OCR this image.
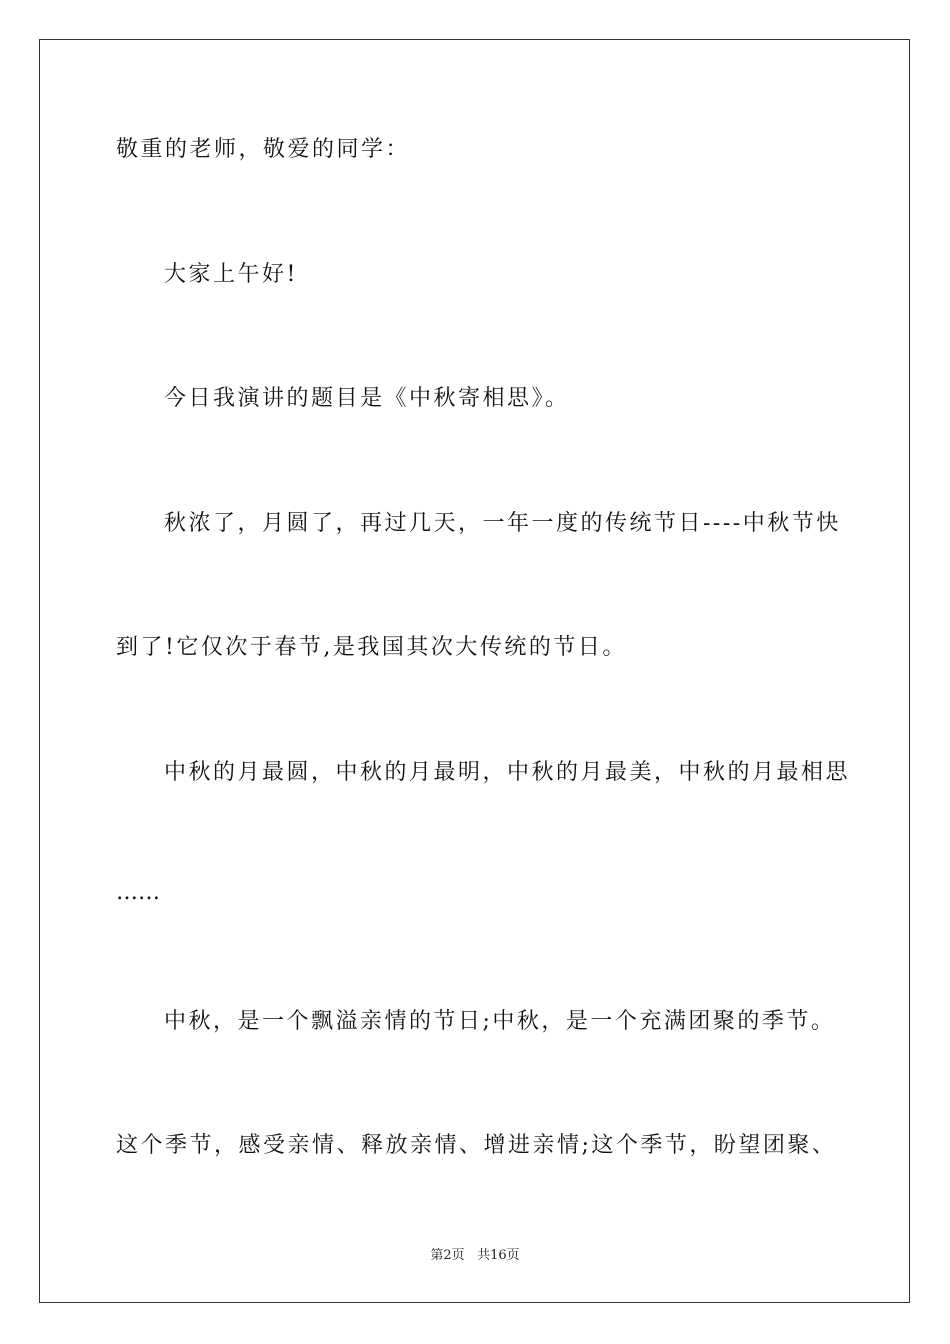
敬重的老师，敬爱的同学：
大家上午好!
今日我演讲的题目是《中秋寄相思》。
秋浓了，月圆了，再过几天，一年一度的传统节日----中秋节快
到了!它仅次于春节,是我国其次大传统的节日。
中秋的月最圆，中秋的月最明，中秋的月最美，中秋的月最相思
……
中秋，是一个飘溢亲情的节日;中秋，是一个充满团聚的季节。
这个季节，感受亲情、释放亲情、增进亲情;这个季节，盼望团聚、
第2页 共16页
